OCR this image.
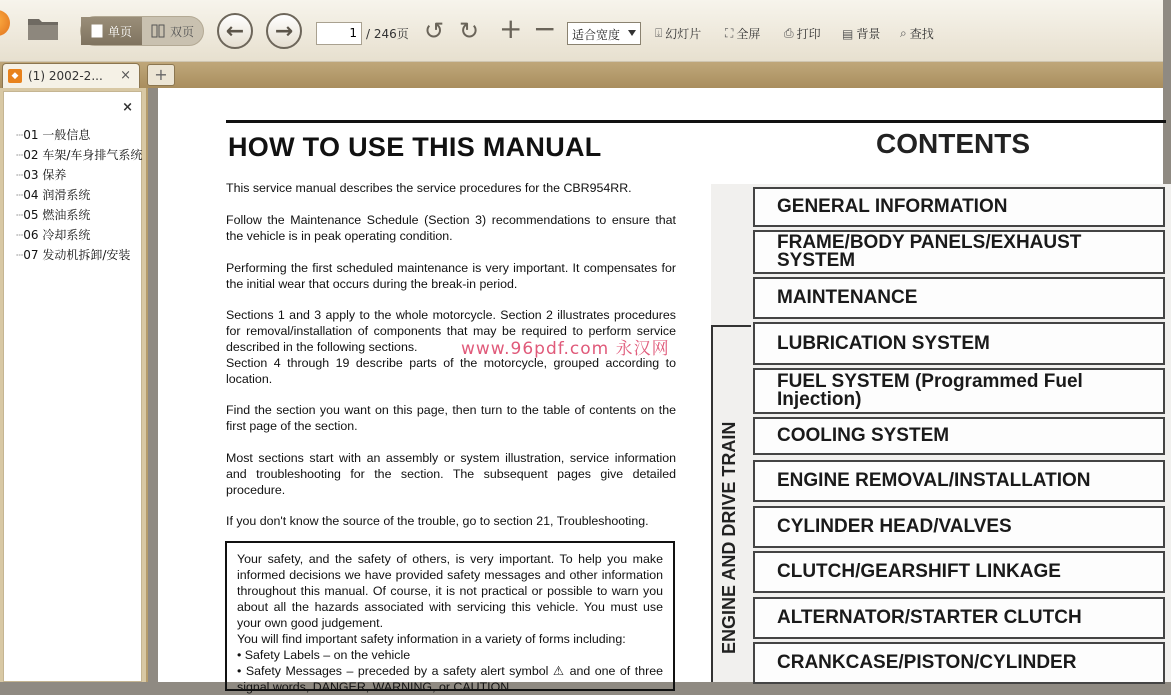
单页	双页 ← →	1 / 246页 ↺ ↻ + −	适合宽度	⍗ 幻灯片 ⛶ 全屏 ⎙ 打印 ▤ 背景 ⌕ 查找
◆ (1) 2002-2... ×	+
×
┄01 一般信息
┄02 车架/车身排气系统
┄03 保养
┄04 润滑系统
┄05 燃油系统
┄06 冷却系统
┄07 发动机拆卸/安装
HOW TO USE THIS MANUAL
This service manual describes the service procedures for the CBR954RR.
Follow the Maintenance Schedule (Section 3) recommendations to ensure that the vehicle is in peak operating condition.
Performing the first scheduled maintenance is very important. It compensates for the initial wear that occurs during the break-in period.
Sections 1 and 3 apply to the whole motorcycle. Section 2 illustrates procedures for removal/installation of components that may be required to perform service described in the following sections.
Section 4 through 19 describe parts of the motorcycle, grouped according to location.
Find the section you want on this page, then turn to the table of contents on the first page of the section.
Most sections start with an assembly or system illustration, service information and troubleshooting for the section. The subsequent pages give detailed procedure.
If you don't know the source of the trouble, go to section 21, Troubleshooting.
Your safety, and the safety of others, is very important. To help you make informed decisions we have provided safety messages and other information throughout this manual. Of course, it is not practical or possible to warn you about all the hazards associated with servicing this vehicle. You must use your own good judgement.
You will find important safety information in a variety of forms including:
• Safety Labels – on the vehicle
• Safety Messages – preceded by a safety alert symbol ⚠ and one of three signal words, DANGER, WARNING, or CAUTION.
www.96pdf.com 永汉网
CONTENTS
ENGINE AND DRIVE TRAIN
GENERAL INFORMATION
FRAME/BODY PANELS/EXHAUST SYSTEM
MAINTENANCE
LUBRICATION SYSTEM
FUEL SYSTEM (Programmed Fuel Injection)
COOLING SYSTEM
ENGINE REMOVAL/INSTALLATION
CYLINDER HEAD/VALVES
CLUTCH/GEARSHIFT LINKAGE
ALTERNATOR/STARTER CLUTCH
CRANKCASE/PISTON/CYLINDER
